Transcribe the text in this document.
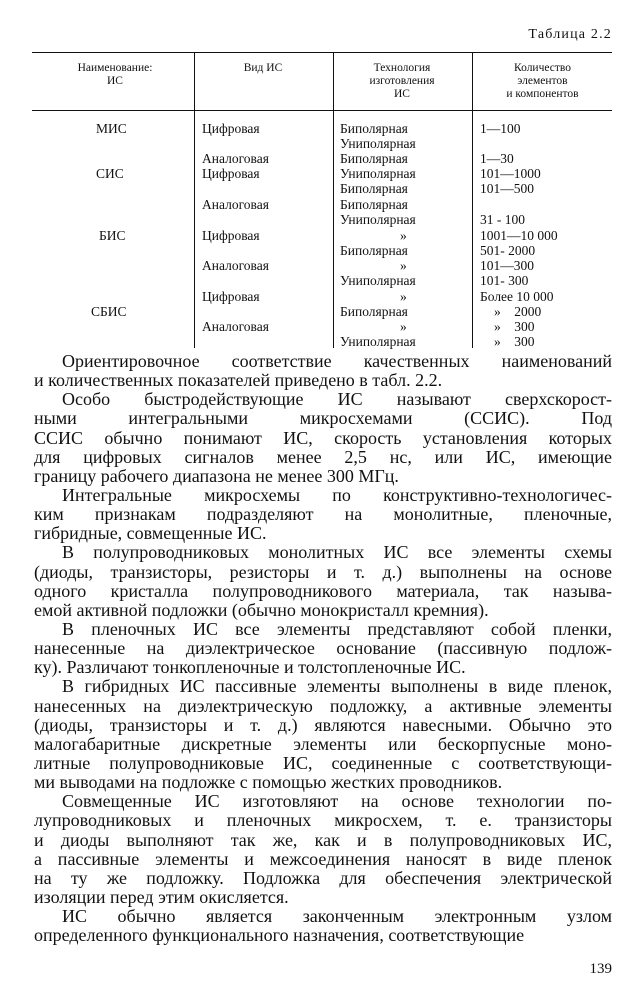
Таблица 2.2
Наименование:
ИС
Вид ИС	Технология
изготовления
ИС
Количество
элементов
и компонентов
МИС
СИС
БИС
СБИС
Цифровая
Аналоговая
Цифровая
Аналоговая
Цифровая
Аналоговая
Цифровая
Аналоговая
Биполярная
Униполярная
Биполярная
Униполярная
Биполярная
Биполярная
Униполярная
»
Биполярная
»
Униполярная
»
Биполярная
»
Униполярная
1—100
1—30
101—1000
101—500
31 - 100
1001—10 000
501- 2000
101—300
101- 300
Более 10 000
»    2000
»    300
»    300
Ориентировочное соответствие качественных наименований
и количественных показателей приведено в табл. 2.2.
Особо быстродействующие ИС называют сверхскорост-
ными интегральными микросхемами (ССИС). Под
ССИС обычно понимают ИС, скорость установления которых
для цифровых сигналов менее 2,5 нс, или ИС, имеющие
границу рабочего диапазона не менее 300 МГц.
Интегральные микросхемы по конструктивно-технологичес-
ким признакам подразделяют на монолитные, пленочные,
гибридные, совмещенные ИС.
В полупроводниковых монолитных ИС все элементы схемы
(диоды, транзисторы, резисторы и т. д.) выполнены на основе
одного кристалла полупроводникового материала, так называ-
емой активной подложки (обычно монокристалл кремния).
В пленочных ИС все элементы представляют собой пленки,
нанесенные на диэлектрическое основание (пассивную подлож-
ку). Различают тонкопленочные и толстопленочные ИС.
В гибридных ИС пассивные элементы выполнены в виде пленок,
нанесенных на диэлектрическую подложку, а активные элементы
(диоды, транзисторы и т. д.) являются навесными. Обычно это
малогабаритные дискретные элементы или бескорпусные моно-
литные полупроводниковые ИС, соединенные с соответствующи-
ми выводами на подложке с помощью жестких проводников.
Совмещенные ИС изготовляют на основе технологии по-
лупроводниковых и пленочных микросхем, т. е. транзисторы
и диоды выполняют так же, как и в полупроводниковых ИС,
а пассивные элементы и межсоединения наносят в виде пленок
на ту же подложку. Подложка для обеспечения электрической
изоляции перед этим окисляется.
ИС обычно является законченным электронным узлом
определенного функционального назначения, соответствующие
139
